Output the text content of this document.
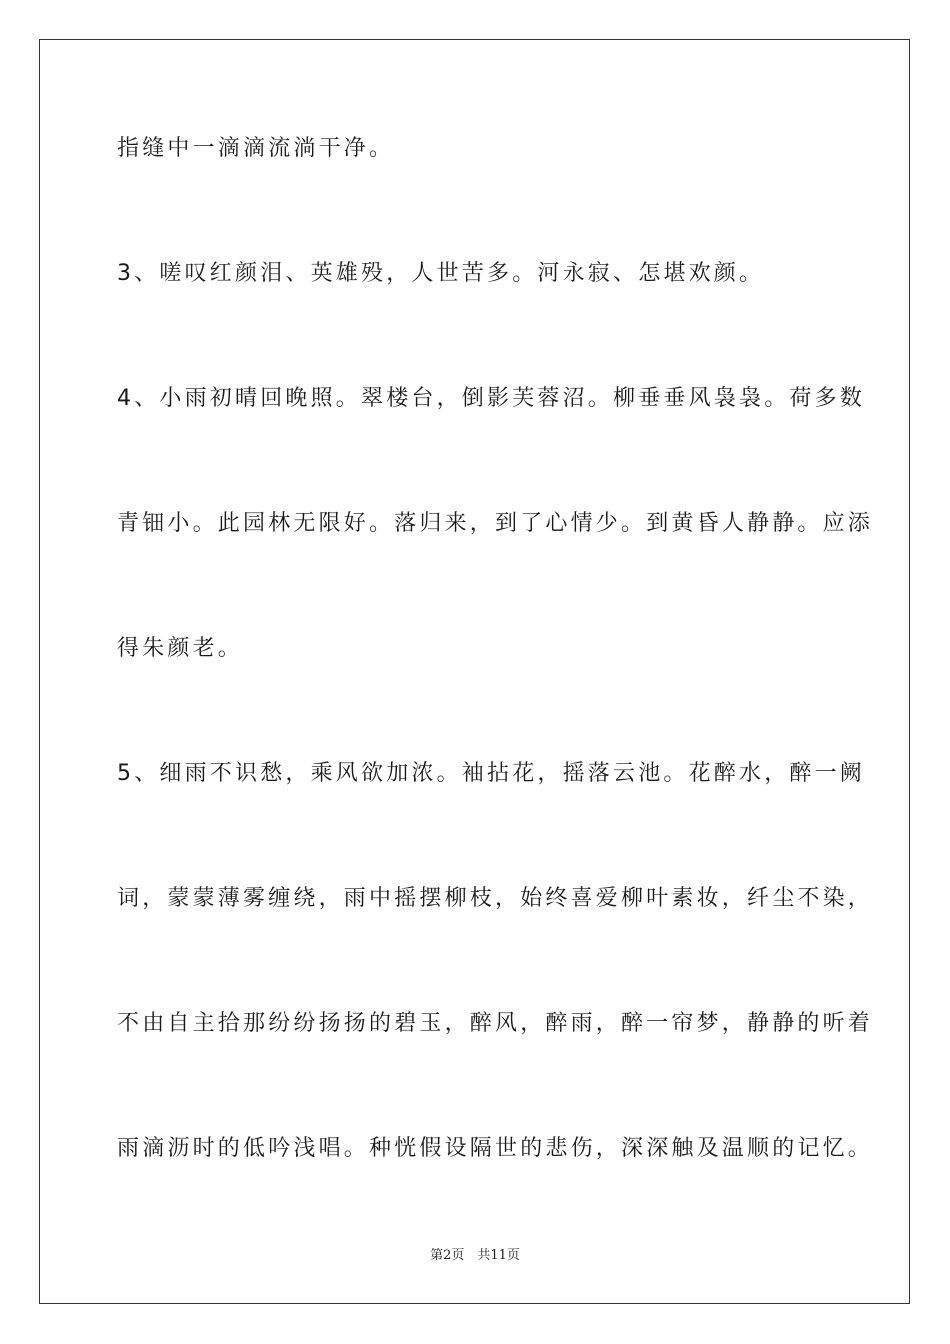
指缝中一滴滴流淌干净。
3、嗟叹红颜泪、英雄殁，人世苦多。河永寂、怎堪欢颜。
4、小雨初晴回晚照。翠楼台，倒影芙蓉沼。柳垂垂风袅袅。荷多数
青钿小。此园林无限好。落归来，到了心情少。到黄昏人静静。应添
得朱颜老。
5、细雨不识愁，乘风欲加浓。袖拈花，摇落云池。花醉水，醉一阙
词，蒙蒙薄雾缠绕，雨中摇摆柳枝，始终喜爱柳叶素妆，纤尘不染，
不由自主拾那纷纷扬扬的碧玉，醉风，醉雨，醉一帘梦，静静的听着
雨滴沥时的低吟浅唱。种恍假设隔世的悲伤，深深触及温顺的记忆。
第2页　共11页
